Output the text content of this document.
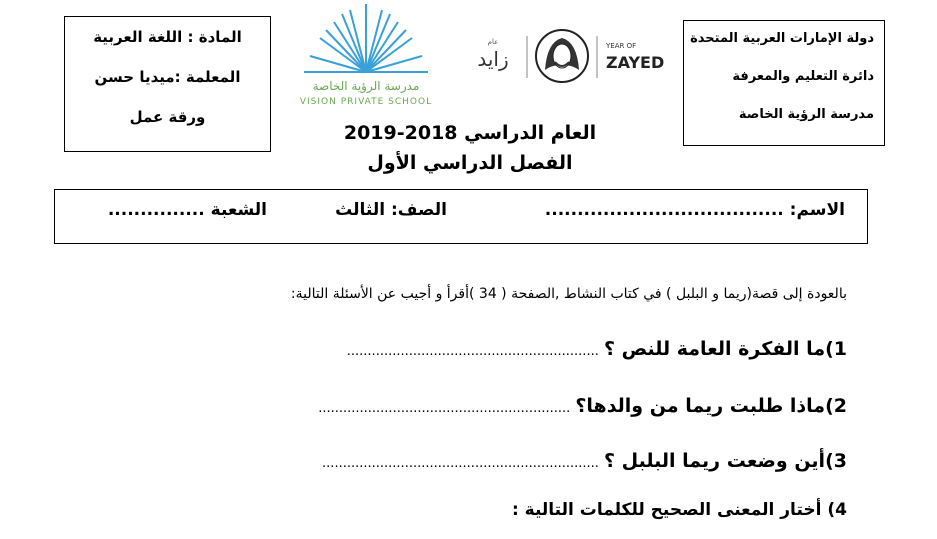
دولة الإمارات العربية المتحدة
دائرة التعليم والمعرفة
مدرسة الرؤية الخاصة
YEAR OF
ZAYED
عام
زايد
مدرسة الرؤية الخاصة
VISION PRIVATE SCHOOL
المادة : اللغة العربية
المعلمة :ميديا حسن
ورقة عمل
العام الدراسي 2018-2019
الفصل الدراسي الأول
الاسم: .....................................
الصف: الثالث
الشعبة ...............
بالعودة إلى قصة(ريما و البلبل ) في كتاب النشاط ,الصفحة ( 34 )أقرأ و أجيب عن الأسئلة التالية:
1)ما الفكرة العامة للنص ؟ .............................................................
2)ماذا طلبت ريما من والدها؟ .............................................................
3)أين وضعت ريما البلبل ؟ ...................................................................
4) أختار المعنى الصحيح للكلمات التالية :
